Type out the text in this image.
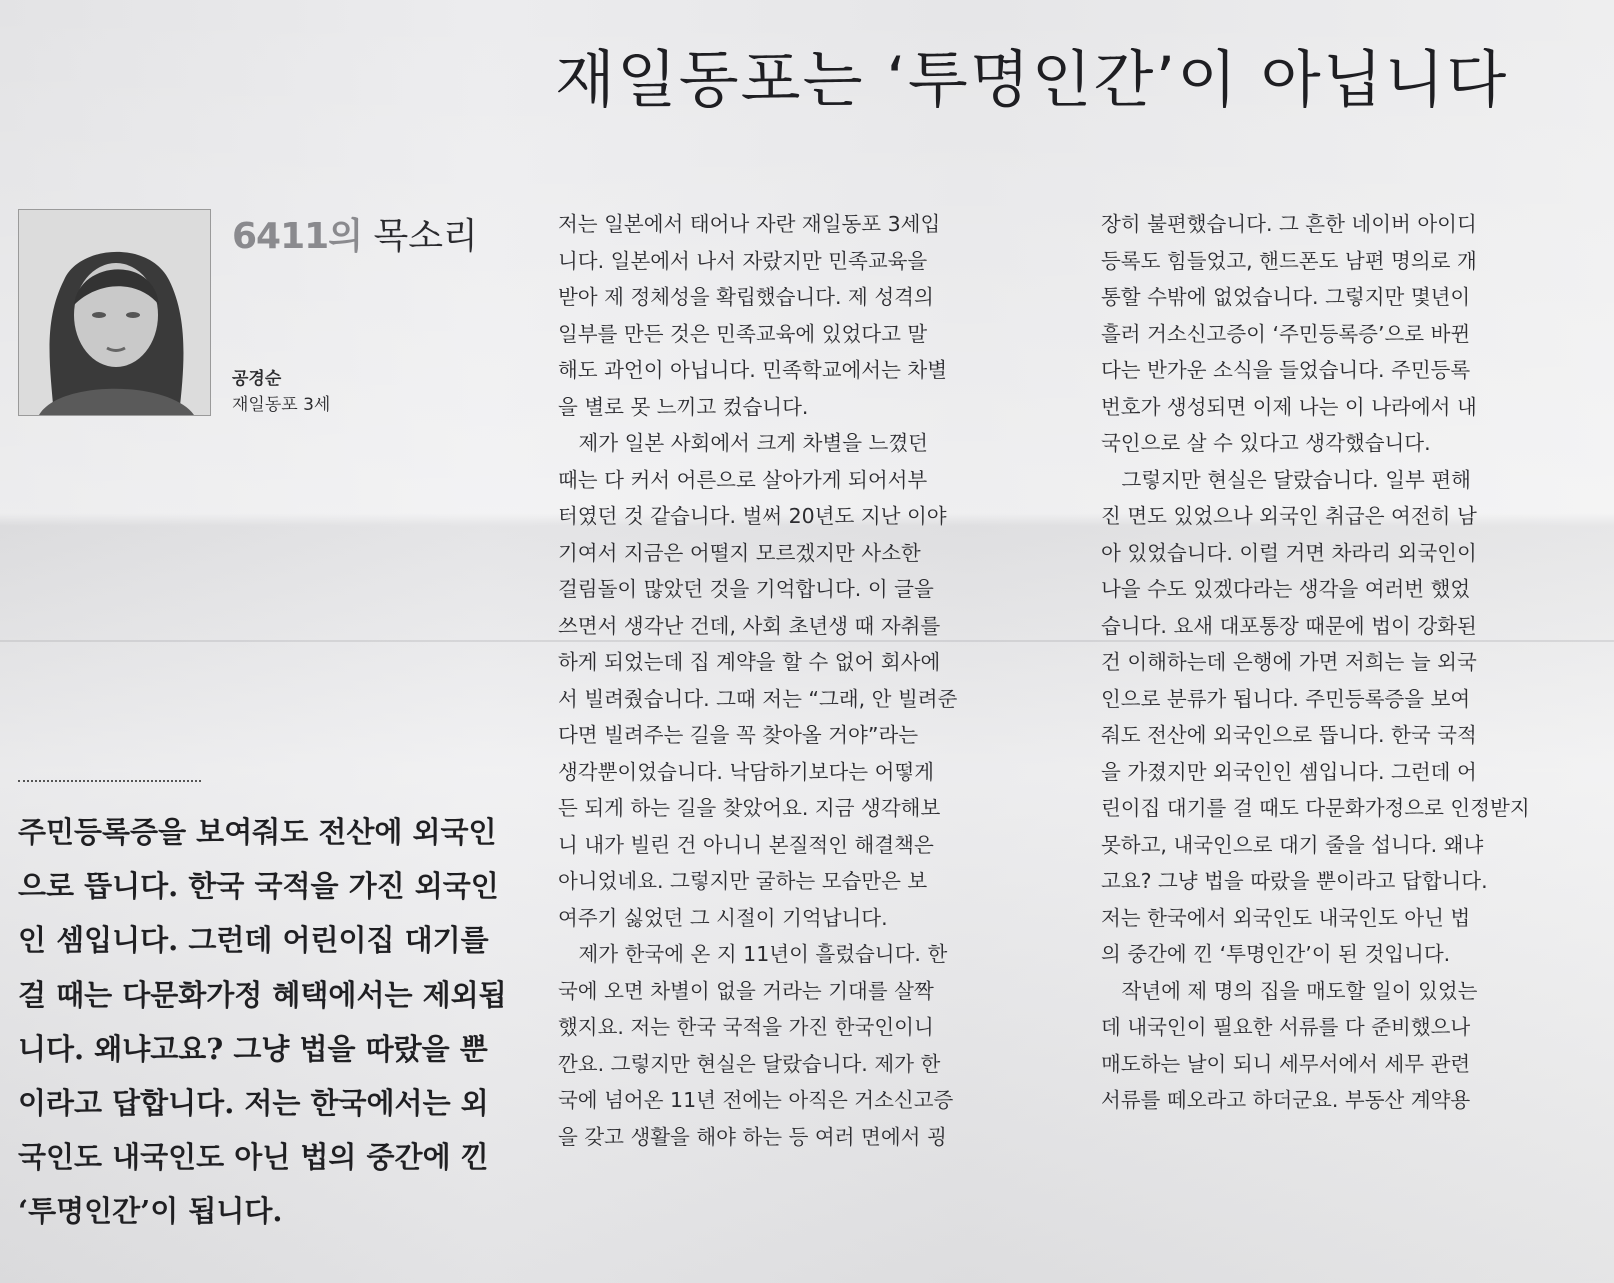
재일동포는 ‘투명인간’이 아닙니다
6411의 목소리
공경순
재일동포 3세
주민등록증을 보여줘도 전산에 외국인
으로 뜹니다. 한국 국적을 가진 외국인
인 셈입니다. 그런데 어린이집 대기를
걸 때는 다문화가정 혜택에서는 제외됩
니다. 왜냐고요? 그냥 법을 따랐을 뿐
이라고 답합니다. 저는 한국에서는 외
국인도 내국인도 아닌 법의 중간에 낀
‘투명인간’이 됩니다.
저는 일본에서 태어나 자란 재일동포 3세입
니다. 일본에서 나서 자랐지만 민족교육을
받아 제 정체성을 확립했습니다. 제 성격의
일부를 만든 것은 민족교육에 있었다고 말
해도 과언이 아닙니다. 민족학교에서는 차별
을 별로 못 느끼고 컸습니다.
　제가 일본 사회에서 크게 차별을 느꼈던
때는 다 커서 어른으로 살아가게 되어서부
터였던 것 같습니다. 벌써 20년도 지난 이야
기여서 지금은 어떨지 모르겠지만 사소한
걸림돌이 많았던 것을 기억합니다. 이 글을
쓰면서 생각난 건데, 사회 초년생 때 자취를
하게 되었는데 집 계약을 할 수 없어 회사에
서 빌려줬습니다. 그때 저는 “그래, 안 빌려준
다면 빌려주는 길을 꼭 찾아올 거야”라는
생각뿐이었습니다. 낙담하기보다는 어떻게
든 되게 하는 길을 찾았어요. 지금 생각해보
니 내가 빌린 건 아니니 본질적인 해결책은
아니었네요. 그렇지만 굴하는 모습만은 보
여주기 싫었던 그 시절이 기억납니다.
　제가 한국에 온 지 11년이 흘렀습니다. 한
국에 오면 차별이 없을 거라는 기대를 살짝
했지요. 저는 한국 국적을 가진 한국인이니
깐요. 그렇지만 현실은 달랐습니다. 제가 한
국에 넘어온 11년 전에는 아직은 거소신고증
을 갖고 생활을 해야 하는 등 여러 면에서 굉
장히 불편했습니다. 그 흔한 네이버 아이디
등록도 힘들었고, 핸드폰도 남편 명의로 개
통할 수밖에 없었습니다. 그렇지만 몇년이
흘러 거소신고증이 ‘주민등록증’으로 바뀐
다는 반가운 소식을 들었습니다. 주민등록
번호가 생성되면 이제 나는 이 나라에서 내
국인으로 살 수 있다고 생각했습니다.
　그렇지만 현실은 달랐습니다. 일부 편해
진 면도 있었으나 외국인 취급은 여전히 남
아 있었습니다. 이럴 거면 차라리 외국인이
나을 수도 있겠다라는 생각을 여러번 했었
습니다. 요새 대포통장 때문에 법이 강화된
건 이해하는데 은행에 가면 저희는 늘 외국
인으로 분류가 됩니다. 주민등록증을 보여
줘도 전산에 외국인으로 뜹니다. 한국 국적
을 가졌지만 외국인인 셈입니다. 그런데 어
린이집 대기를 걸 때도 다문화가정으로 인정받지
못하고, 내국인으로 대기 줄을 섭니다. 왜냐
고요? 그냥 법을 따랐을 뿐이라고 답합니다.
저는 한국에서 외국인도 내국인도 아닌 법
의 중간에 낀 ‘투명인간’이 된 것입니다.
　작년에 제 명의 집을 매도할 일이 있었는
데 내국인이 필요한 서류를 다 준비했으나
매도하는 날이 되니 세무서에서 세무 관련
서류를 떼오라고 하더군요. 부동산 계약용
